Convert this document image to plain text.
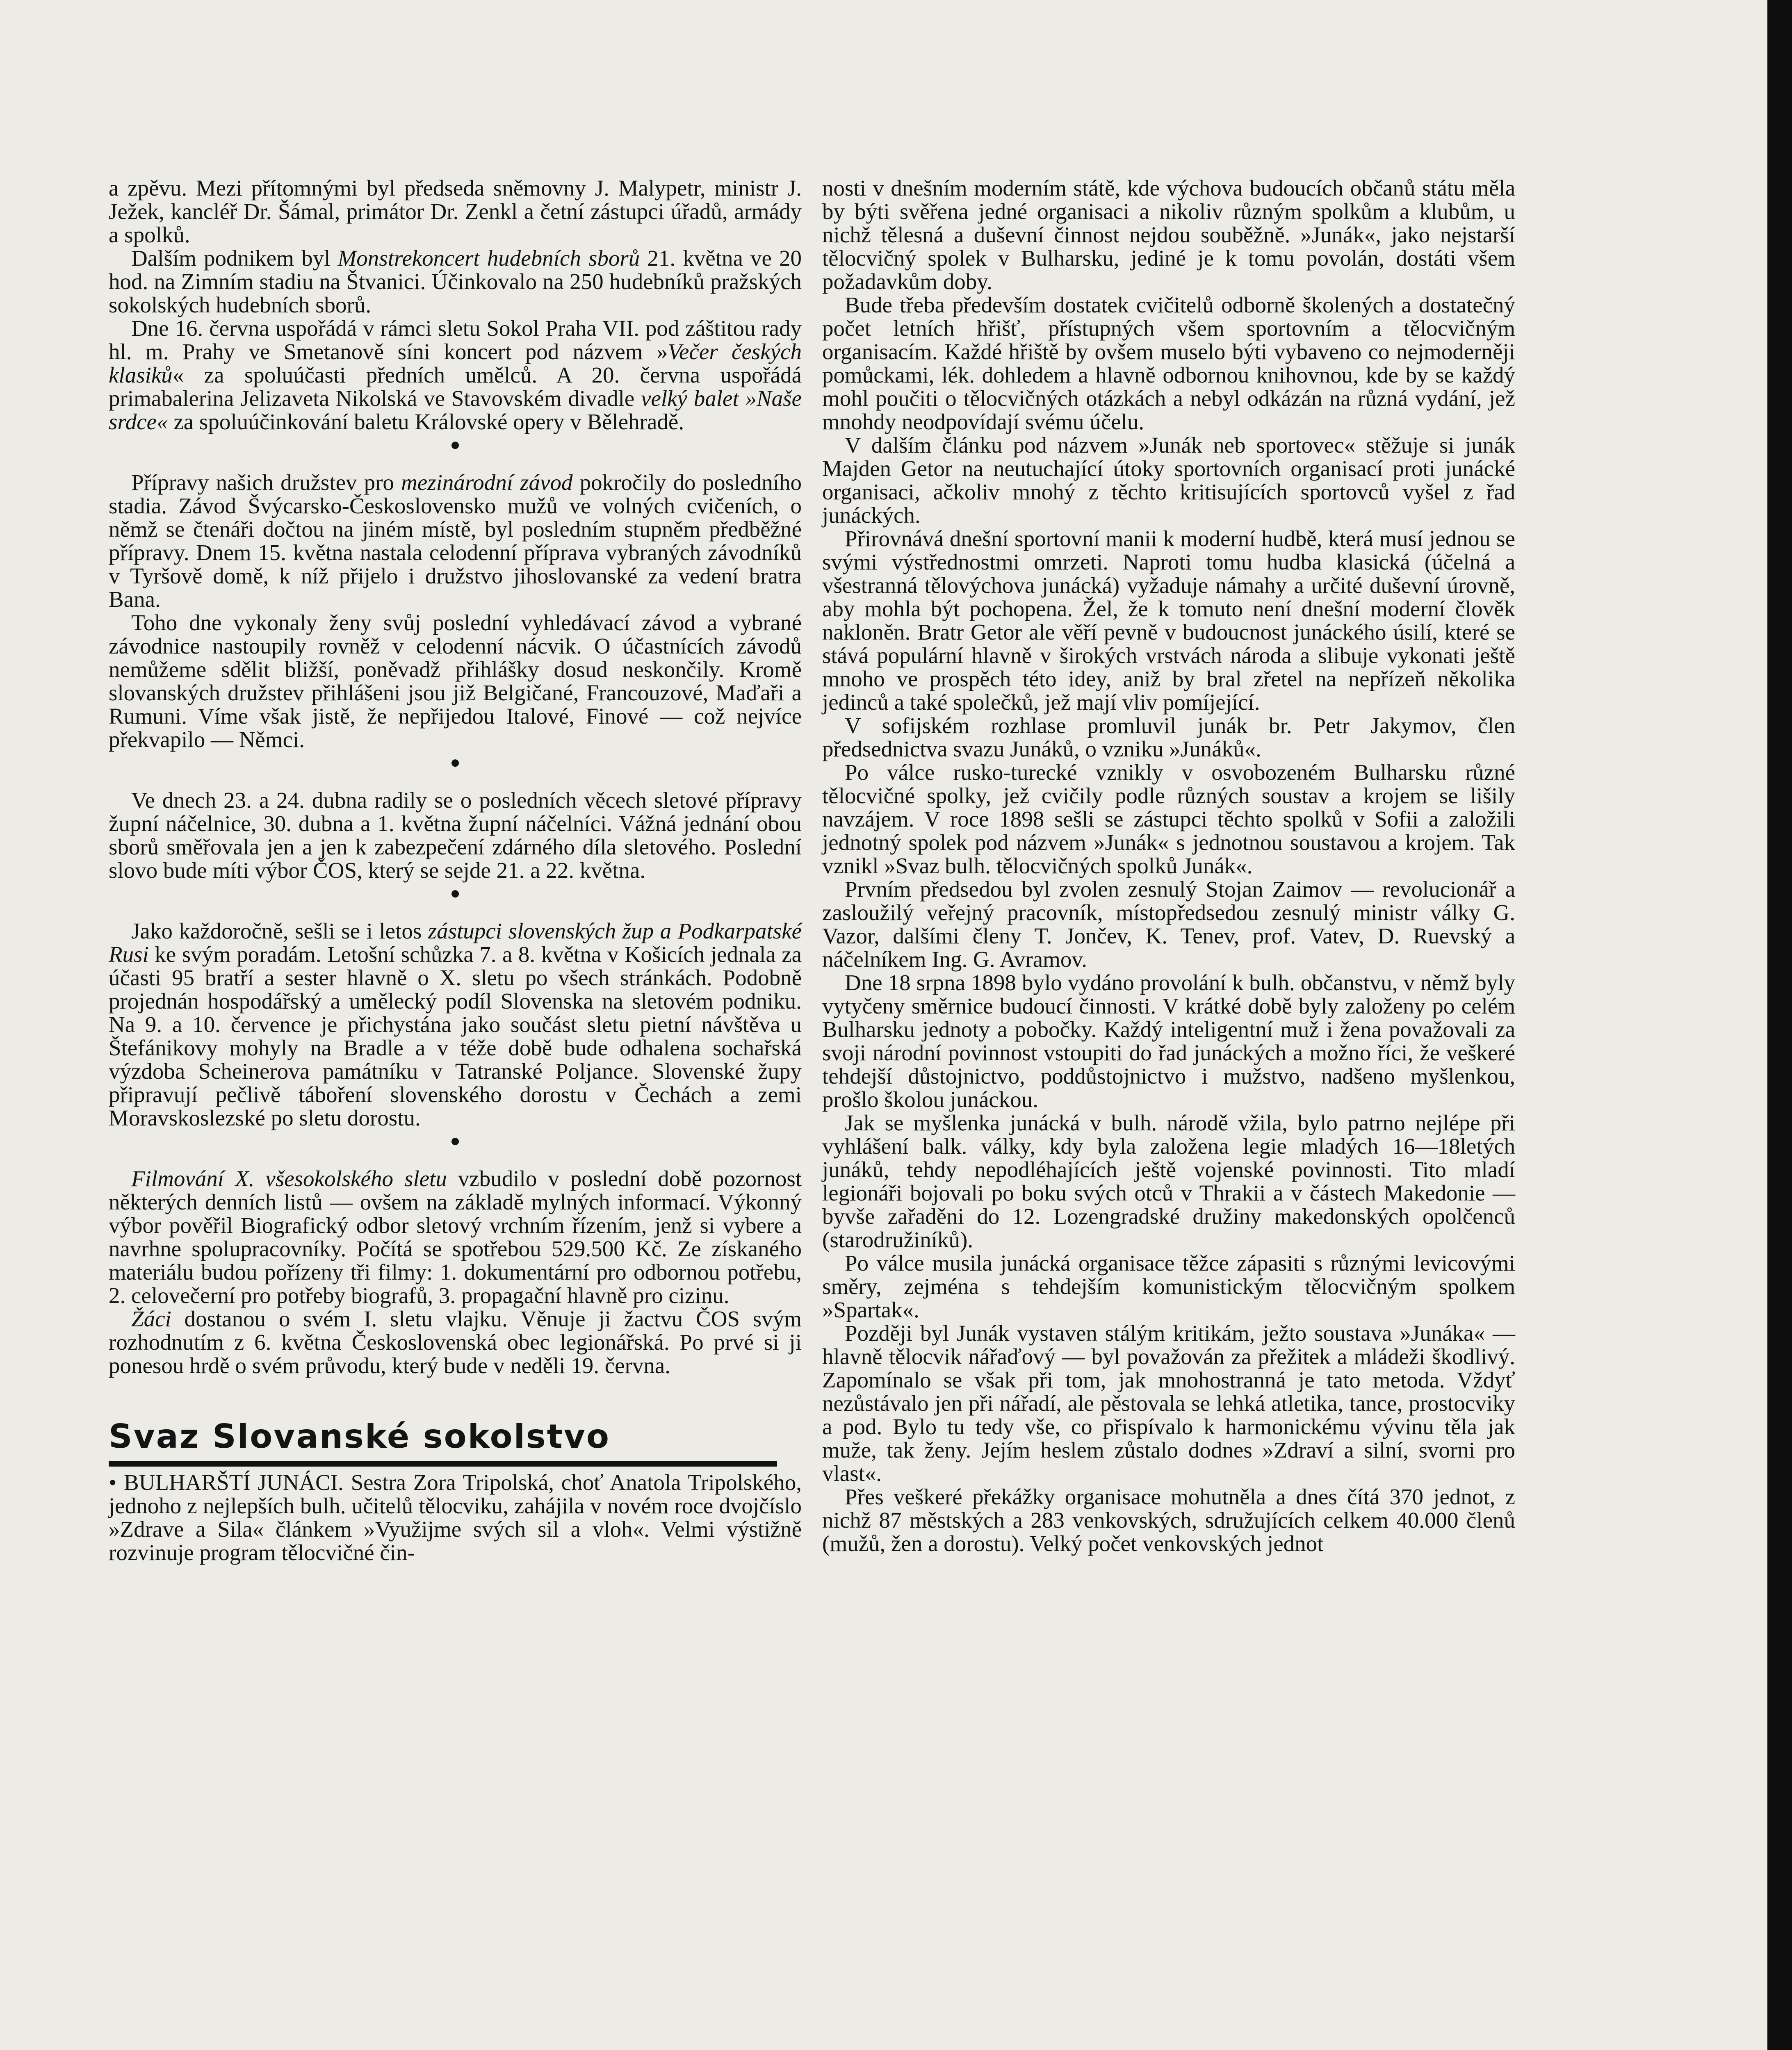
a zpěvu. Mezi přítomnými byl předseda sněmovny J. Malypetr, ministr J. Ježek, kancléř Dr. Šámal, primátor Dr. Zenkl a četní zástupci úřadů, armády a spolků.

Dalším podnikem byl Monstrekoncert hudebních sborů 21. května ve 20 hod. na Zimním stadiu na Štvanici. Účinkovalo na 250 hudebníků pražských sokolských hudebních sborů.

Dne 16. června uspořádá v rámci sletu Sokol Praha VII. pod záštitou rady hl. m. Prahy ve Smetanově síni koncert pod názvem »Večer českých klasiků« za spoluúčasti předních umělců. A 20. června uspořádá primabalerina Jelizaveta Nikolská ve Stavovském divadle velký balet »Naše srdce« za spoluúčinkování baletu Královské opery v Bělehradě.

●

Přípravy našich družstev pro mezinárodní závod pokročily do posledního stadia. Závod Švýcarsko-Československo mužů ve volných cvičeních, o němž se čtenáři dočtou na jiném místě, byl posledním stupněm předběžné přípravy. Dnem 15. května nastala celodenní příprava vybraných závodníků v Tyršově domě, k níž přijelo i družstvo jihoslovanské za vedení bratra Bana.

Toho dne vykonaly ženy svůj poslední vyhledávací závod a vybrané závodnice nastoupily rovněž v celodenní nácvik. O účastnících závodů nemůžeme sdělit bližší, poněvadž přihlášky dosud neskončily. Kromě slovanských družstev přihlášeni jsou již Belgičané, Francouzové, Maďaři a Rumuni. Víme však jistě, že nepřijedou Italové, Finové — což nejvíce překvapilo — Němci.

●

Ve dnech 23. a 24. dubna radily se o posledních věcech sletové přípravy župní náčelnice, 30. dubna a 1. května župní náčelníci. Vážná jednání obou sborů směřovala jen a jen k zabezpečení zdárného díla sletového. Poslední slovo bude míti výbor ČOS, který se sejde 21. a 22. května.

●

Jako každoročně, sešli se i letos zástupci slovenských žup a Podkarpatské Rusi ke svým poradám. Letošní schůzka 7. a 8. května v Košicích jednala za účasti 95 bratří a sester hlavně o X. sletu po všech stránkách. Podobně projednán hospodářský a umělecký podíl Slovenska na sletovém podniku. Na 9. a 10. července je přichystána jako součást sletu pietní návštěva u Štefánikovy mohyly na Bradle a v téže době bude odhalena sochařská výzdoba Scheinerova památníku v Tatranské Poljance. Slovenské župy připravují pečlivě táboření slovenského dorostu v Čechách a zemi Moravskoslezské po sletu dorostu.

●

Filmování X. všesokolského sletu vzbudilo v poslední době pozornost některých denních listů — ovšem na základě mylných informací. Výkonný výbor pověřil Biografický odbor sletový vrchním řízením, jenž si vybere a navrhne spolupracovníky. Počítá se spotřebou 529.500 Kč. Ze získaného materiálu budou pořízeny tři filmy: 1. dokumentární pro odbornou potřebu, 2. celovečerní pro potřeby biografů, 3. propagační hlavně pro cizinu.

Žáci dostanou o svém I. sletu vlajku. Věnuje ji žactvu ČOS svým rozhodnutím z 6. května Československá obec legionářská. Po prvé si ji ponesou hrdě o svém průvodu, který bude v neděli 19. června.

Svaz Slovanské sokolstvo

• BULHARŠTÍ JUNÁCI. Sestra Zora Tripolská, choť Anatola Tripolského, jednoho z nejlepších bulh. učitelů tělocviku, zahájila v novém roce dvojčíslo »Zdrave a Sila« článkem »Využijme svých sil a vloh«. Velmi výstižně rozvinuje program tělocvičné čin-

nosti v dnešním moderním státě, kde výchova budoucích občanů státu měla by býti svěřena jedné organisaci a nikoliv různým spolkům a klubům, u nichž tělesná a duševní činnost nejdou souběžně. »Junák«, jako nejstarší tělocvičný spolek v Bulharsku, jediné je k tomu povolán, dostáti všem požadavkům doby.

Bude třeba především dostatek cvičitelů odborně školených a dostatečný počet letních hřišť, přístupných všem sportovním a tělocvičným organisacím. Každé hřiště by ovšem muselo býti vybaveno co nejmoderněji pomůckami, lék. dohledem a hlavně odbornou knihovnou, kde by se každý mohl poučiti o tělocvičných otázkách a nebyl odkázán na různá vydání, jež mnohdy neodpovídají svému účelu.

V dalším článku pod názvem »Junák neb sportovec« stěžuje si junák Majden Getor na neutuchající útoky sportovních organisací proti junácké organisaci, ačkoliv mnohý z těchto kritisujících sportovců vyšel z řad junáckých.

Přirovnává dnešní sportovní manii k moderní hudbě, která musí jednou se svými výstřednostmi omrzeti. Naproti tomu hudba klasická (účelná a všestranná tělovýchova junácká) vyžaduje námahy a určité duševní úrovně, aby mohla být pochopena. Žel, že k tomuto není dnešní moderní člověk nakloněn. Bratr Getor ale věří pevně v budoucnost junáckého úsilí, které se stává populární hlavně v širokých vrstvách národa a slibuje vykonati ještě mnoho ve prospěch této idey, aniž by bral zřetel na nepřízeň několika jedinců a také společků, jež mají vliv pomíjející.

V sofijském rozhlase promluvil junák br. Petr Jakymov, člen předsednictva svazu Junáků, o vzniku »Junáků«.

Po válce rusko-turecké vznikly v osvobozeném Bulharsku různé tělocvičné spolky, jež cvičily podle různých soustav a krojem se lišily navzájem. V roce 1898 sešli se zástupci těchto spolků v Sofii a založili jednotný spolek pod názvem »Junák« s jednotnou soustavou a krojem. Tak vznikl »Svaz bulh. tělocvičných spolků Junák«.

Prvním předsedou byl zvolen zesnulý Stojan Zaimov — revolucionář a zasloužilý veřejný pracovník, místopředsedou zesnulý ministr války G. Vazor, dalšími členy T. Jončev, K. Tenev, prof. Vatev, D. Ruevský a náčelníkem Ing. G. Avramov.

Dne 18 srpna 1898 bylo vydáno provolání k bulh. občanstvu, v němž byly vytyčeny směrnice budoucí činnosti. V krátké době byly založeny po celém Bulharsku jednoty a pobočky. Každý inteligentní muž i žena považovali za svoji národní povinnost vstoupiti do řad junáckých a možno říci, že veškeré tehdejší důstojnictvo, poddůstojnictvo i mužstvo, nadšeno myšlenkou, prošlo školou junáckou.

Jak se myšlenka junácká v bulh. národě vžila, bylo patrno nejlépe při vyhlášení balk. války, kdy byla založena legie mladých 16—18letých junáků, tehdy nepodléhajících ještě vojenské povinnosti. Tito mladí legionáři bojovali po boku svých otců v Thrakii a v částech Makedonie — byvše zařaděni do 12. Lozengradské družiny makedonských opolčenců (starodružiníků).

Po válce musila junácká organisace těžce zápasiti s různými levicovými směry, zejména s tehdejším komunistickým tělocvičným spolkem »Spartak«.

Později byl Junák vystaven stálým kritikám, ježto soustava »Junáka« — hlavně tělocvik nářaďový — byl považován za přežitek a mládeži škodlivý. Zapomínalo se však při tom, jak mnohostranná je tato metoda. Vždyť nezůstávalo jen při nářadí, ale pěstovala se lehká atletika, tance, prostocviky a pod. Bylo tu tedy vše, co přispívalo k harmonickému vývinu těla jak muže, tak ženy. Jejím heslem zůstalo dodnes »Zdraví a silní, svorni pro vlast«.

Přes veškeré překážky organisace mohutněla a dnes čítá 370 jednot, z nichž 87 městských a 283 venkovských, sdružujících celkem 40.000 členů (mužů, žen a dorostu). Velký počet venkovských jednot
